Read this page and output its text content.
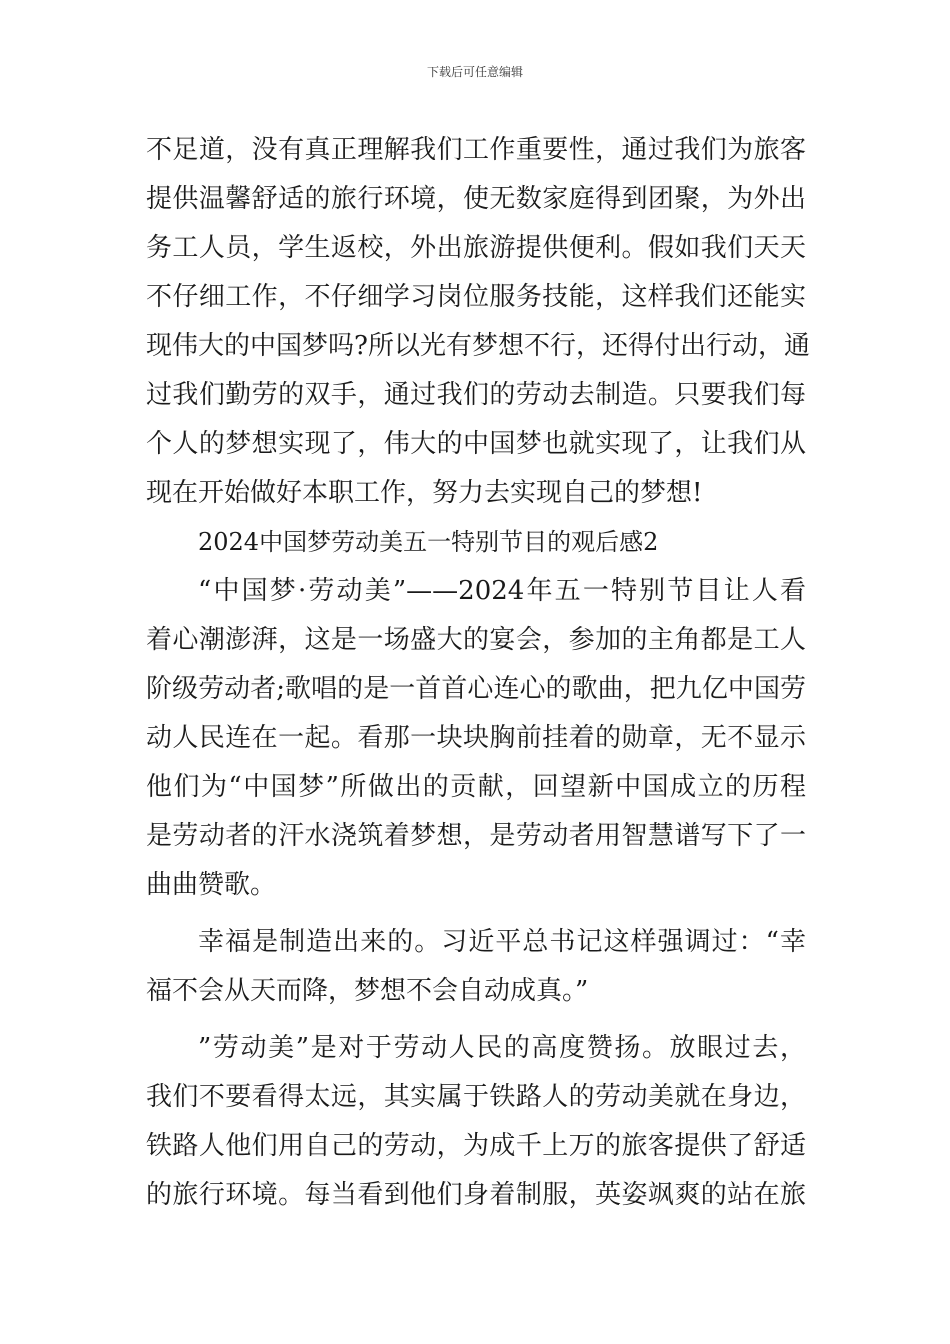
下载后可任意编辑
不足道，没有真正理解我们工作重要性，通过我们为旅客
提供温馨舒适的旅行环境，使无数家庭得到团聚，为外出
务工人员，学生返校，外出旅游提供便利。假如我们天天
不仔细工作，不仔细学习岗位服务技能，这样我们还能实
现伟大的中国梦吗?所以光有梦想不行，还得付出行动，通
过我们勤劳的双手，通过我们的劳动去制造。只要我们每
个人的梦想实现了，伟大的中国梦也就实现了，让我们从
现在开始做好本职工作，努力去实现自己的梦想!
2024中国梦劳动美五一特别节目的观后感2
“中国梦·劳动美”——2024年五一特别节目让人看
着心潮澎湃，这是一场盛大的宴会，参加的主角都是工人
阶级劳动者;歌唱的是一首首心连心的歌曲，把九亿中国劳
动人民连在一起。看那一块块胸前挂着的勋章，无不显示
他们为“中国梦”所做出的贡献，回望新中国成立的历程
是劳动者的汗水浇筑着梦想，是劳动者用智慧谱写下了一
曲曲赞歌。
幸福是制造出来的。习近平总书记这样强调过：“幸
福不会从天而降，梦想不会自动成真。”
”劳动美”是对于劳动人民的高度赞扬。放眼过去，
我们不要看得太远，其实属于铁路人的劳动美就在身边，
铁路人他们用自己的劳动，为成千上万的旅客提供了舒适
的旅行环境。每当看到他们身着制服，英姿飒爽的站在旅
